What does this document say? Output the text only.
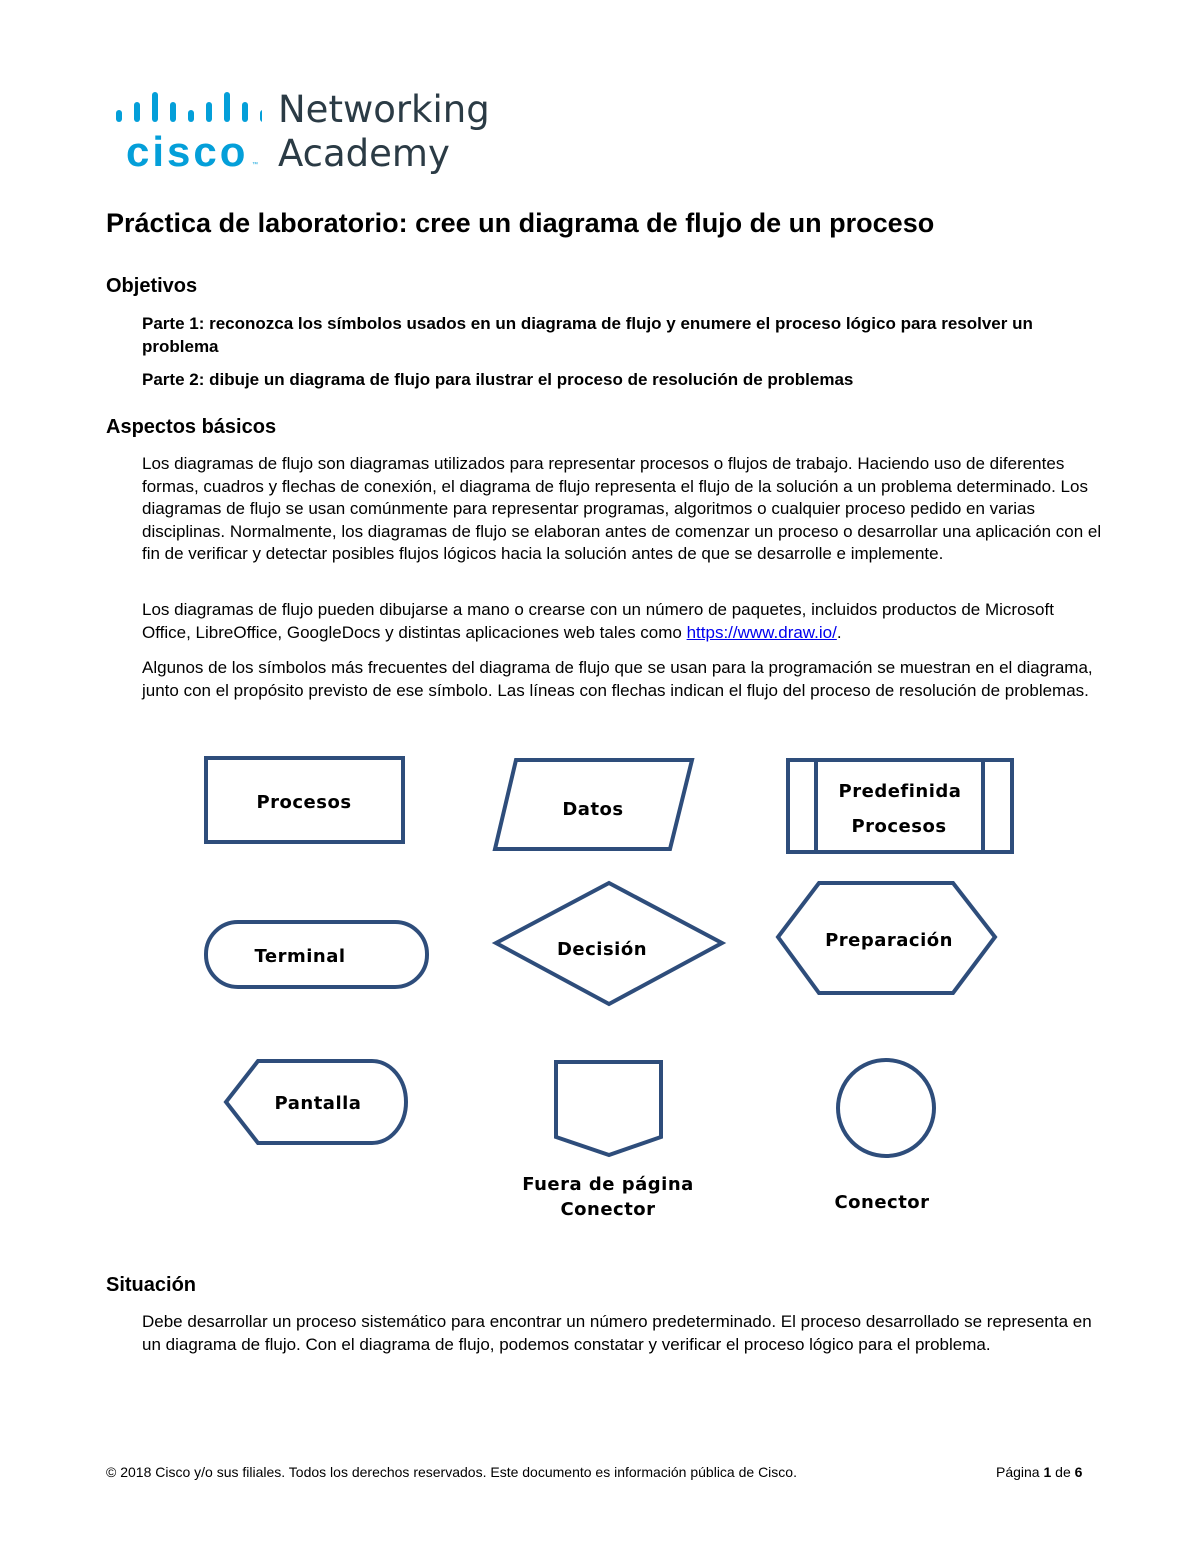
cisco ™
Networking
Academy
Práctica de laboratorio: cree un diagrama de flujo de un proceso
Objetivos
Parte 1: reconozca los símbolos usados en un diagrama de flujo y enumere el proceso lógico para resolver un problema
Parte 2: dibuje un diagrama de flujo para ilustrar el proceso de resolución de problemas
Aspectos básicos
Los diagramas de flujo son diagramas utilizados para representar procesos o flujos de trabajo. Haciendo uso de diferentes formas, cuadros y flechas de conexión, el diagrama de flujo representa el flujo de la solución a un problema determinado. Los diagramas de flujo se usan comúnmente para representar programas, algoritmos o cualquier proceso pedido en varias disciplinas. Normalmente, los diagramas de flujo se elaboran antes de comenzar un proceso o desarrollar una aplicación con el fin de verificar y detectar posibles flujos lógicos hacia la solución antes de que se desarrolle e implemente.
Los diagramas de flujo pueden dibujarse a mano o crearse con un número de paquetes, incluidos productos de Microsoft Office, LibreOffice, GoogleDocs y distintas aplicaciones web tales como https://www.draw.io/.
Algunos de los símbolos más frecuentes del diagrama de flujo que se usan para la programación se muestran en el diagrama, junto con el propósito previsto de ese símbolo. Las líneas con flechas indican el flujo del proceso de resolución de problemas.
Procesos	Datos
Predefinida
Procesos
Terminal	Decisión	Preparación
Pantalla
Fuera de página
Conector	Conector
Situación
Debe desarrollar un proceso sistemático para encontrar un número predeterminado. El proceso desarrollado se representa en un diagrama de flujo. Con el diagrama de flujo, podemos constatar y verificar el proceso lógico para el problema.
© 2018 Cisco y/o sus filiales. Todos los derechos reservados. Este documento es información pública de Cisco.	Página 1 de 6
